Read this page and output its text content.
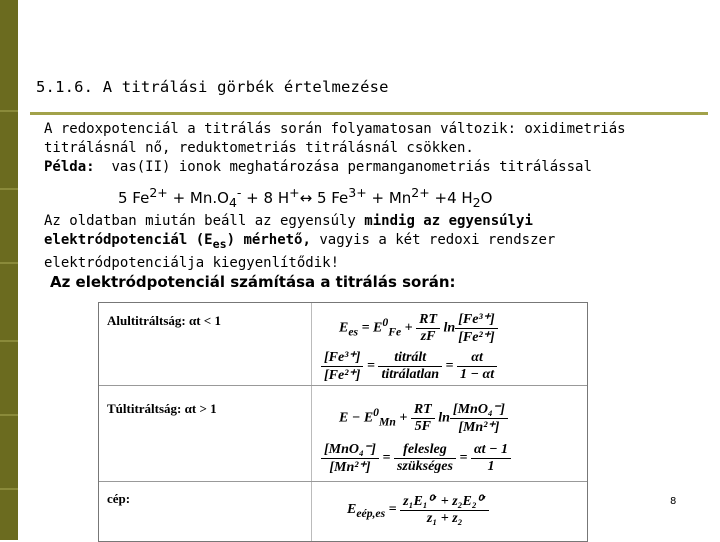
5.1.6. A titrálási görbék értelmezése

A redoxpotenciál a titrálás során folyamatosan változik: oxidimetriás

titrálásnál nő, reduktometriás titrálásnál csökken.

Példa: vas(II) ionok meghatározása permanganometriás titrálással

5 $Fe^{2+} + Mn.O_4^- + 8$ H+↔ 5 $Fe^{3+} + Mn^{2+} +4$ $H_2O$

Az oldatban miután beáll az egyensúly mindig az egyensúlyi

elektródpotenciál $(E_{es})$ mérhető, vagyis a két redoxi rendszer

elektródpotenciálja kiegyenlítődik!

Az elektródpotenciál számítása a titrálás során:

Alultitráltság: αt < 1
Túltitráltság: αt > 1
cép:
$E_{es} = E^0_{Fe} + \frac{RT}{zF}$ $\ln \frac{\text{[Fe³⁺]}}{\text{[Fe²⁺]}}$
$\frac{\text{[Fe³⁺]}}{\text{[Fe²⁺]}} = \frac{\text{titrált}}{\text{titrálatlan}} = \frac{\alpha t}{1 - \alpha t}$
$E - E^0_{Mn} + \frac{RT}{5F}$ $\ln \frac{\text{[MnO₄⁻]}}{\text{[Mn²⁺]}}$
$\frac{\text{[MnO₄⁻]}}{\text{[Mn²⁺]}} = \frac{\text{felesleg}}{\text{szükséges}} = \frac{\alpha t - 1}{1}$
$E_{eép,es} = \frac{\text{z₁E₁⁰′ + z₂E₂⁰′}}{\text{z₁ + z₂}}$	8
